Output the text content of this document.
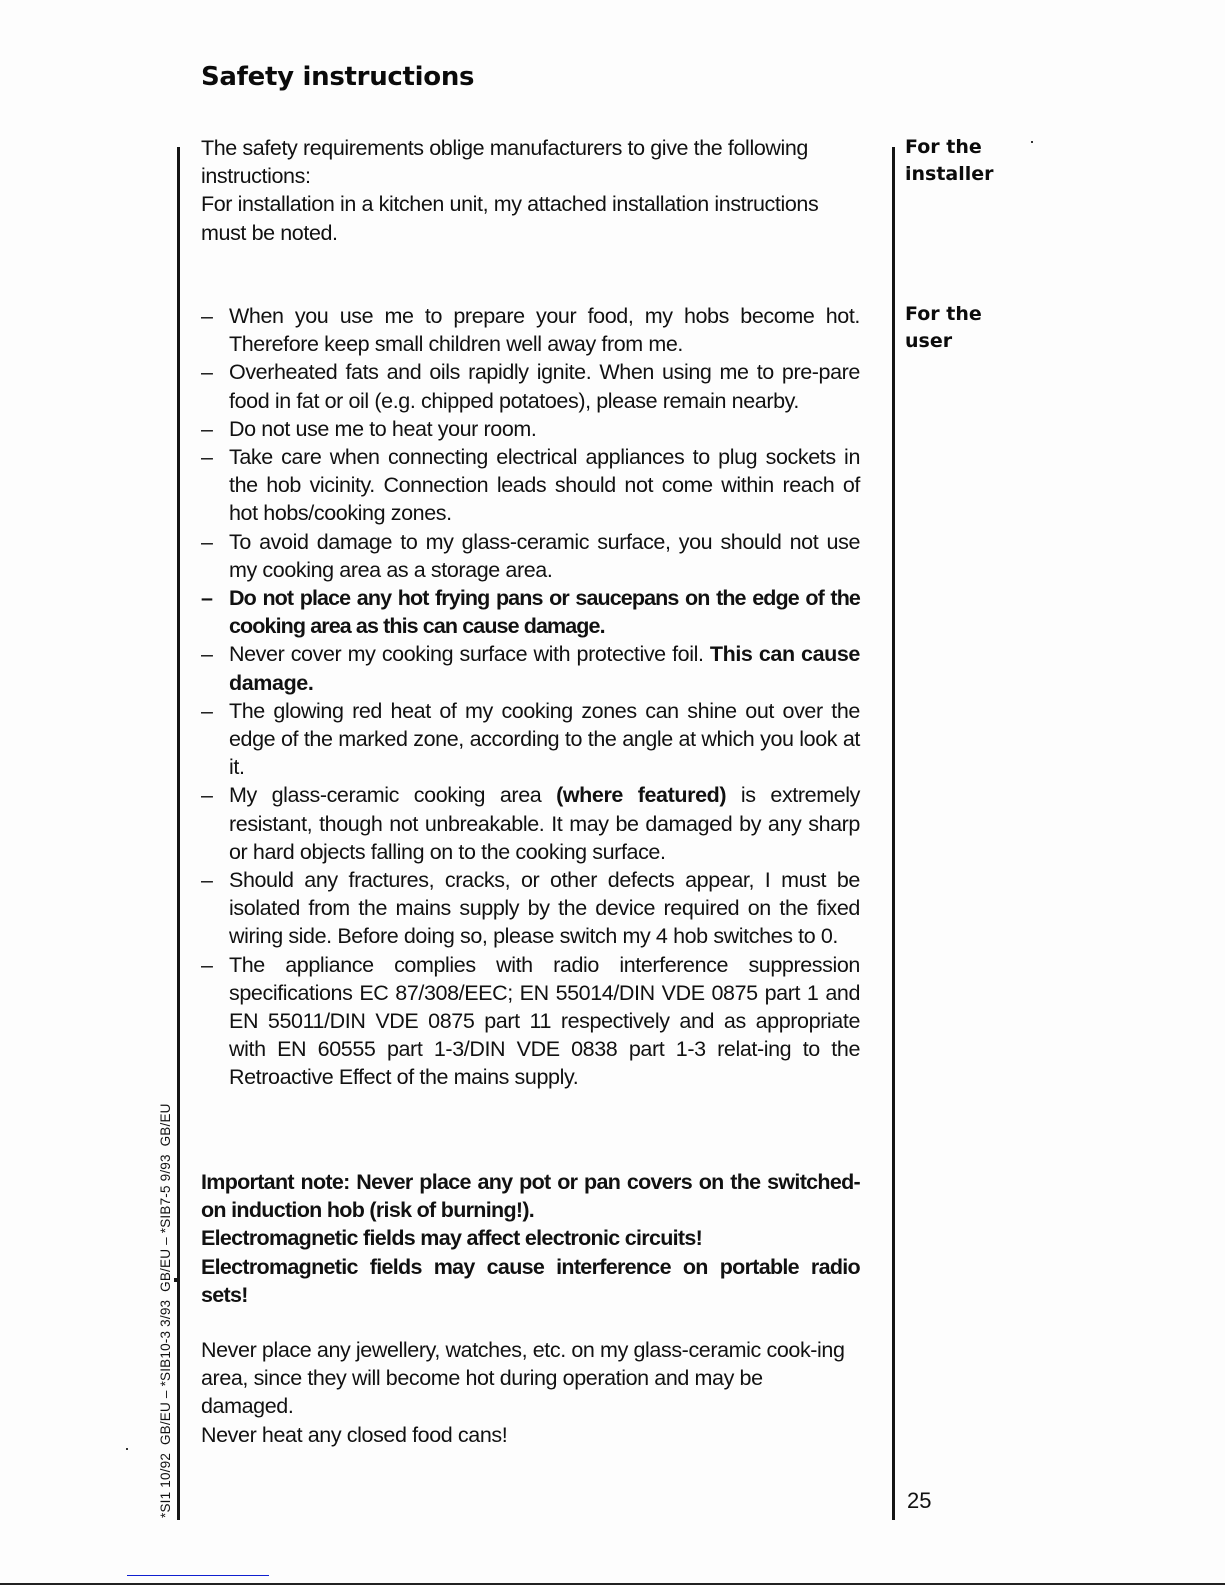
Safety instructions

The safety requirements oblige manufacturers to give the following instructions:

For installation in a kitchen unit, my attached installation instructions must be noted.

– When you use me to prepare your food, my hobs become hot. Therefore keep small children well away from me.
– Overheated fats and oils rapidly ignite. When using me to pre-pare food in fat or oil (e.g. chipped potatoes), please remain nearby.
– Do not use me to heat your room.
– Take care when connecting electrical appliances to plug sockets in the hob vicinity. Connection leads should not come within reach of hot hobs/cooking zones.
– To avoid damage to my glass-ceramic surface, you should not use my cooking area as a storage area.
– Do not place any hot frying pans or saucepans on the edge of the cooking area as this can cause damage.
– Never cover my cooking surface with protective foil. This can cause damage.
– The glowing red heat of my cooking zones can shine out over the edge of the marked zone, according to the angle at which you look at it.
– My glass-ceramic cooking area (where featured) is extremely resistant, though not unbreakable. It may be damaged by any sharp or hard objects falling on to the cooking surface.
– Should any fractures, cracks, or other defects appear, I must be isolated from the mains supply by the device required on the fixed wiring side. Before doing so, please switch my 4 hob switches to 0.
– The appliance complies with radio interference suppression specifications EC 87/308/EEC; EN 55014/DIN VDE 0875 part 1 and EN 55011/DIN VDE 0875 part 11 respectively and as appropriate with EN 60555 part 1-3/DIN VDE 0838 part 1-3 relat-ing to the Retroactive Effect of the mains supply.

Important note: Never place any pot or pan covers on the switched-on induction hob (risk of burning!).

Electromagnetic fields may affect electronic circuits!

Electromagnetic fields may cause interference on portable radio sets!

Never place any jewellery, watches, etc. on my glass-ceramic cook-ing area, since they will become hot during operation and may be damaged.

Never heat any closed food cans!

For the
installer
For the
user
25
*SI1 10/92  GB/EU – *SIB10-3 3/93  GB/EU – *SIB7-5 9/93  GB/EU
